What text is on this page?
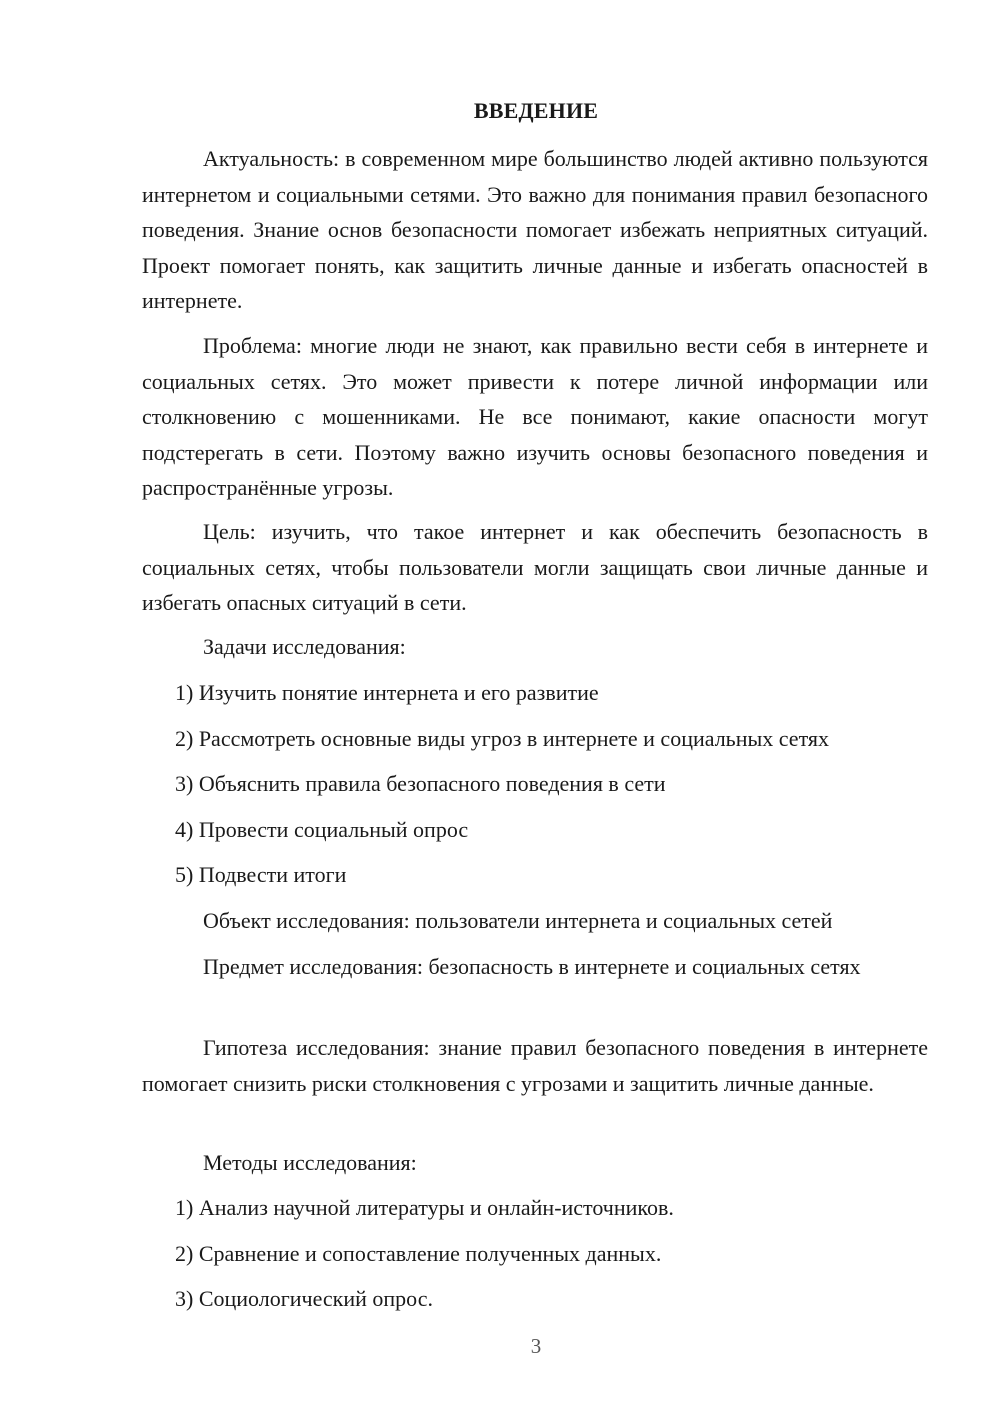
ВВЕДЕНИЕ

Актуальность: в современном мире большинство людей активно пользуются интернетом и социальными сетями. Это важно для понимания правил безопасного поведения. Знание основ безопасности помогает избежать неприятных ситуаций. Проект помогает понять, как защитить личные данные и избегать опасностей в интернете.

Проблема: многие люди не знают, как правильно вести себя в интернете и социальных сетях. Это может привести к потере личной информации или столкновению с мошенниками. Не все понимают, какие опасности могут подстерегать в сети. Поэтому важно изучить основы безопасного поведения и распространённые угрозы.

Цель: изучить, что такое интернет и как обеспечить безопасность в социальных сетях, чтобы пользователи могли защищать свои личные данные и избегать опасных ситуаций в сети.

Задачи исследования:
1) Изучить понятие интернета и его развитие
2) Рассмотреть основные виды угроз в интернете и социальных сетях
3) Объяснить правила безопасного поведения в сети
4) Провести социальный опрос
5) Подвести итоги
Объект исследования: пользователи интернета и социальных сетей

Предмет исследования: безопасность в интернете и социальных сетях

Гипотеза исследования: знание правил безопасного поведения в интернете помогает снизить риски столкновения с угрозами и защитить личные данные.

Методы исследования:
1) Анализ научной литературы и онлайн-источников.
2) Сравнение и сопоставление полученных данных.
3) Социологический опрос.
3
